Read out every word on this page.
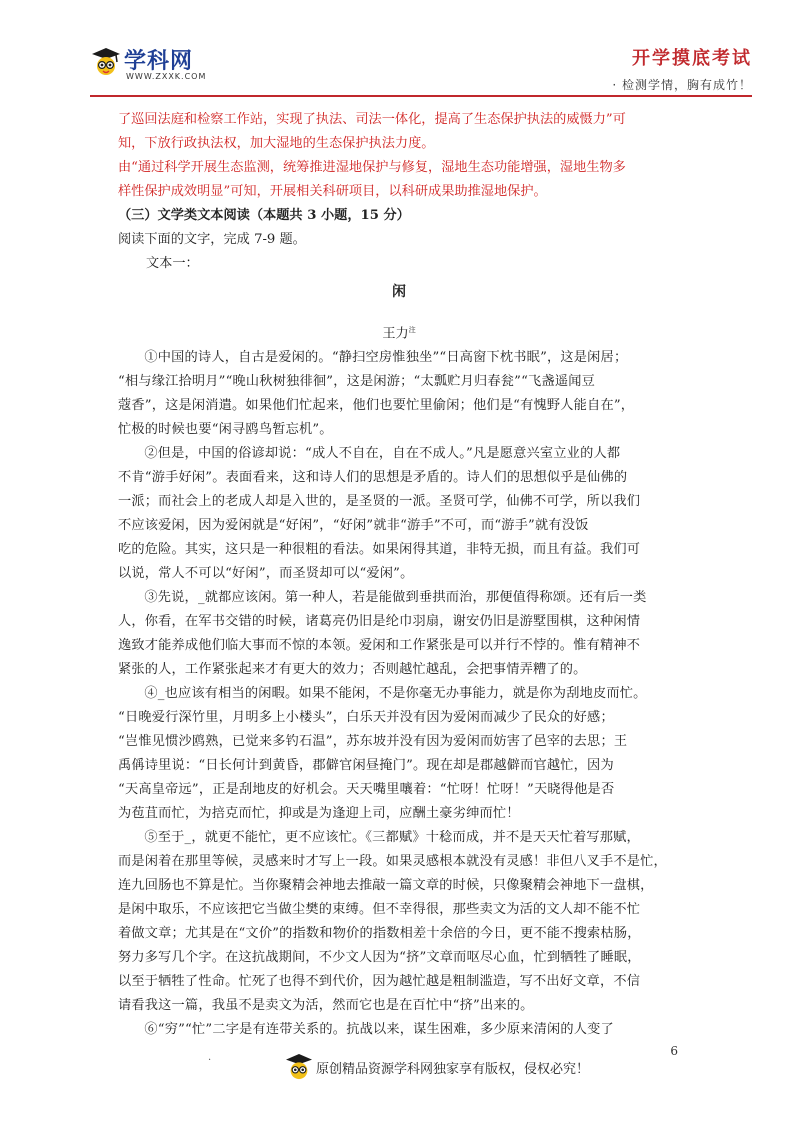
学科网
WWW.ZXXK.COM
开学摸底考试
· 检测学情，胸有成竹！

了巡回法庭和检察工作站，实现了执法、司法一体化，提高了生态保护执法的威慑力”可

知，下放行政执法权，加大湿地的生态保护执法力度。

由“通过科学开展生态监测，统筹推进湿地保护与修复，湿地生态功能增强，湿地生物多

样性保护成效明显”可知，开展相关科研项目，以科研成果助推湿地保护。

（三）文学类文本阅读（本题共 3 小题，15 分）

阅读下面的文字，完成 7-9 题。

文本一：

闲

王力$^注$

①中国的诗人，自古是爱闲的。“静扫空房惟独坐”“日高窗下枕书眠”，这是闲居；

“相与缘江拾明月”“晚山秋树独徘徊”，这是闲游；“太瓢贮月归春瓮”“飞盏遥闻豆

蔻香”，这是闲消遣。如果他们忙起来，他们也要忙里偷闲；他们是“有愧野人能自在”，

忙极的时候也要“闲寻鸥鸟暂忘机”。

②但是，中国的俗谚却说：“成人不自在，自在不成人。”凡是愿意兴室立业的人都

不肯“游手好闲”。表面看来，这和诗人们的思想是矛盾的。诗人们的思想似乎是仙佛的

一派；而社会上的老成人却是入世的，是圣贤的一派。圣贤可学，仙佛不可学，所以我们

不应该爱闲，因为爱闲就是“好闲”，“好闲”就非“游手”不可，而“游手”就有没饭

吃的危险。其实，这只是一种很粗的看法。如果闲得其道，非特无损，而且有益。我们可

以说，常人不可以“好闲”，而圣贤却可以“爱闲”。

③先说，_就都应该闲。第一种人，若是能做到垂拱而治，那便值得称颂。还有后一类

人，你看，在军书交错的时候，诸葛亮仍旧是纶巾羽扇，谢安仍旧是游墅围棋，这种闲情

逸致才能养成他们临大事而不惊的本领。爱闲和工作紧张是可以并行不悖的。惟有精神不

紧张的人，工作紧张起来才有更大的效力；否则越忙越乱，会把事情弄糟了的。

④_也应该有相当的闲暇。如果不能闲，不是你毫无办事能力，就是你为刮地皮而忙。

“日晚爱行深竹里，月明多上小楼头”，白乐天并没有因为爱闲而减少了民众的好感；

“岂惟见惯沙鸥熟，已觉来多钓石温”，苏东坡并没有因为爱闲而妨害了邑宰的去思；王

禹偁诗里说：“日长何计到黄昏，郡僻官闲昼掩门”。现在却是郡越僻而官越忙，因为

“天高皇帝远”，正是刮地皮的好机会。天天嘴里嚷着：“忙呀！忙呀！”天晓得他是否

为苞苴而忙，为掊克而忙，抑或是为逢迎上司，应酬土豪劣绅而忙！

⑤至于_，就更不能忙，更不应该忙。《三都赋》十稔而成，并不是天天忙着写那赋，

而是闲着在那里等候，灵感来时才写上一段。如果灵感根本就没有灵感！非但八叉手不是忙，

连九回肠也不算是忙。当你聚精会神地去推敲一篇文章的时候，只像聚精会神地下一盘棋，

是闲中取乐，不应该把它当做尘樊的束缚。但不幸得很，那些卖文为活的文人却不能不忙

着做文章；尤其是在“文价”的指数和物价的指数相差十余倍的今日，更不能不搜索枯肠，

努力多写几个字。在这抗战期间，不少文人因为“挤”文章而呕尽心血，忙到牺牲了睡眠，

以至于牺牲了性命。忙死了也得不到代价，因为越忙越是粗制滥造，写不出好文章，不信

请看我这一篇，我虽不是卖文为活，然而它也是在百忙中“挤”出来的。

⑥“穷”“忙”二字是有连带关系的。抗战以来，谋生困难，多少原来清闲的人变了

6
.
原创精品资源学科网独家享有版权，侵权必究！
